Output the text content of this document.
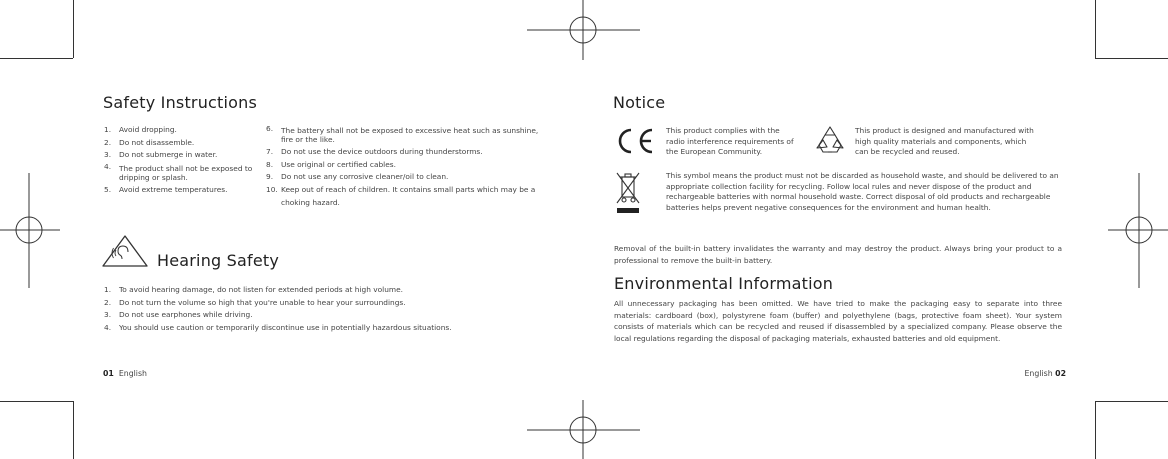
Safety Instructions
1. Avoid dropping.
2. Do not disassemble.
3. Do not submerge in water.
4. The product shall not be exposed to dripping or splash.
5. Avoid extreme temperatures.
6. The battery shall not be exposed to excessive heat such as sunshine, fire or the like.
7. Do not use the device outdoors during thunderstorms.
8. Use original or certified cables.
9. Do not use any corrosive cleaner/oil to clean.
10. Keep out of reach of children. It contains small parts which may be a choking hazard.
Hearing Safety
1. To avoid hearing damage, do not listen for extended periods at high volume.
2. Do not turn the volume so high that you're unable to hear your surroundings.
3. Do not use earphones while driving.
4. You should use caution or temporarily discontinue use in potentially hazardous situations.
01 English
Notice
This product complies with the radio interference requirements of the European Community.
This product is designed and manufactured with high quality materials and components, which can be recycled and reused.
This symbol means the product must not be discarded as household waste, and should be delivered to an appropriate collection facility for recycling. Follow local rules and never dispose of the product and rechargeable batteries with normal household waste. Correct disposal of old products and rechargeable batteries helps prevent negative consequences for the environment and human health.
Removal of the built-in battery invalidates the warranty and may destroy the product. Always bring your product to a professional to remove the built-in battery.
Environmental Information
All unnecessary packaging has been omitted. We have tried to make the packaging easy to separate into three materials: cardboard (box), polystyrene foam (buffer) and polyethylene (bags, protective foam sheet). Your system consists of materials which can be recycled and reused if disassembled by a specialized company. Please observe the local regulations regarding the disposal of packaging materials, exhausted batteries and old equipment.
English 02
